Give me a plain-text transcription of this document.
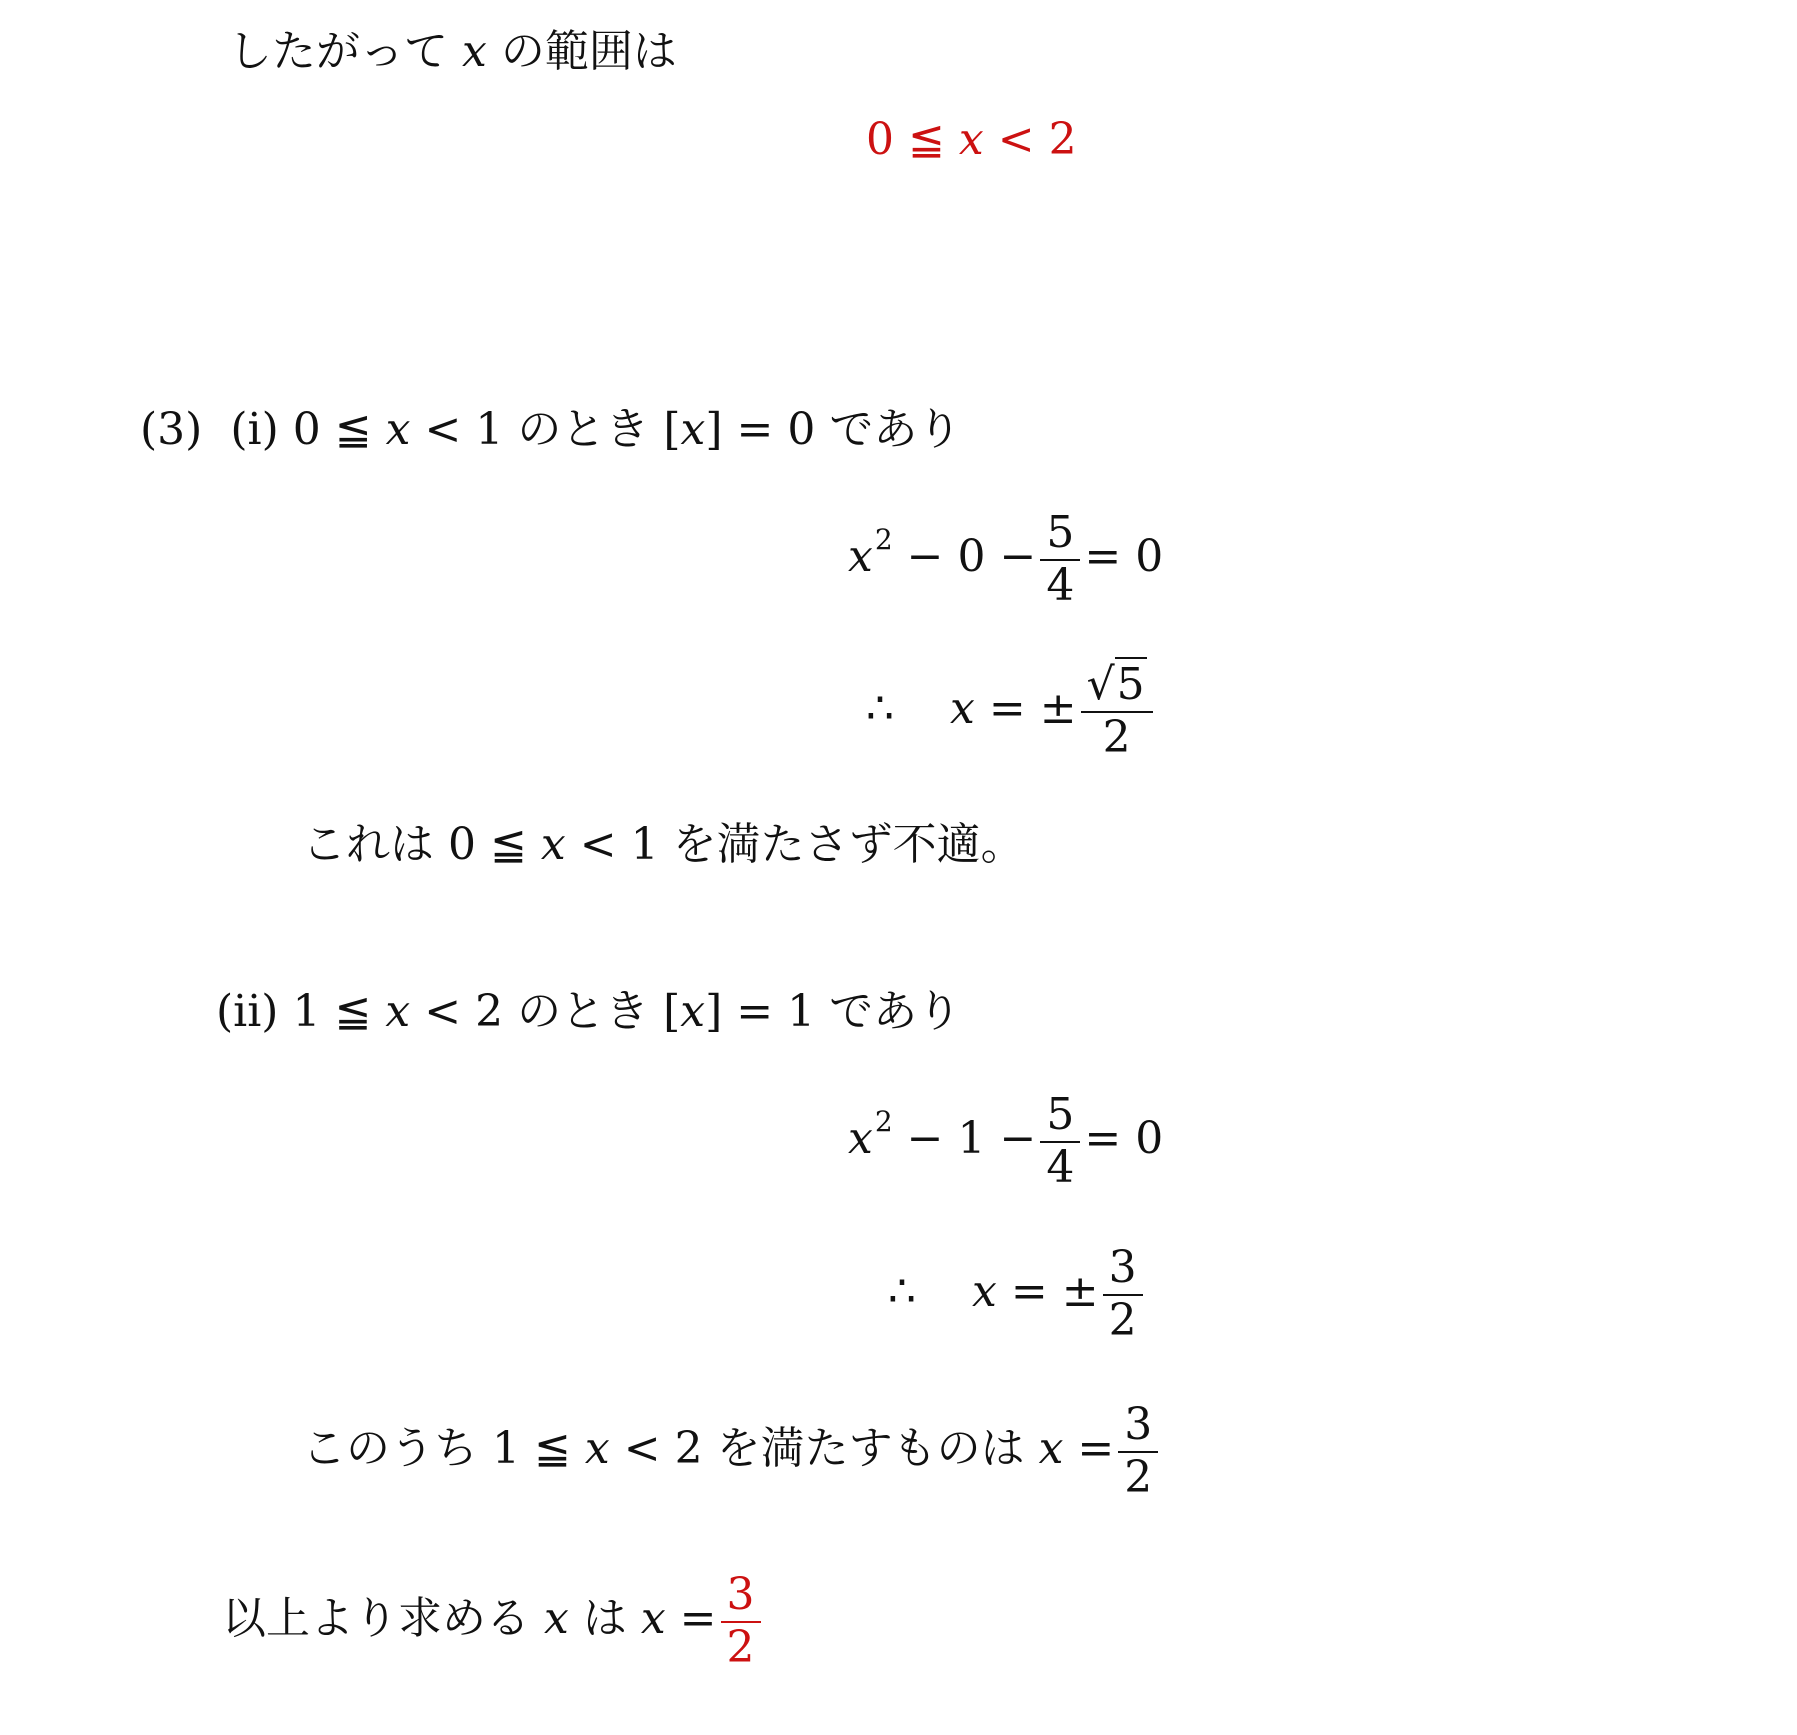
したがって x の範囲は
0 ≦ x < 2
(3) (i) 0 ≦ x < 1 のとき [x] = 0 であり
$x^2 - 0 - \frac{5}{4} = 0$
∴ x = ± $\frac{√5}{2}$
これは 0 ≦ x < 1 を満たさず不適。
(ii) 1 ≦ x < 2 のとき [x] = 1 であり
$x^2 - 1 - \frac{5}{4} = 0$
∴ x = ± $\frac{3}{2}$
このうち 1 ≦ x < 2 を満たすものは $x = \frac{3}{2}$
以上より求める x は $x = \frac{3}{2}$
